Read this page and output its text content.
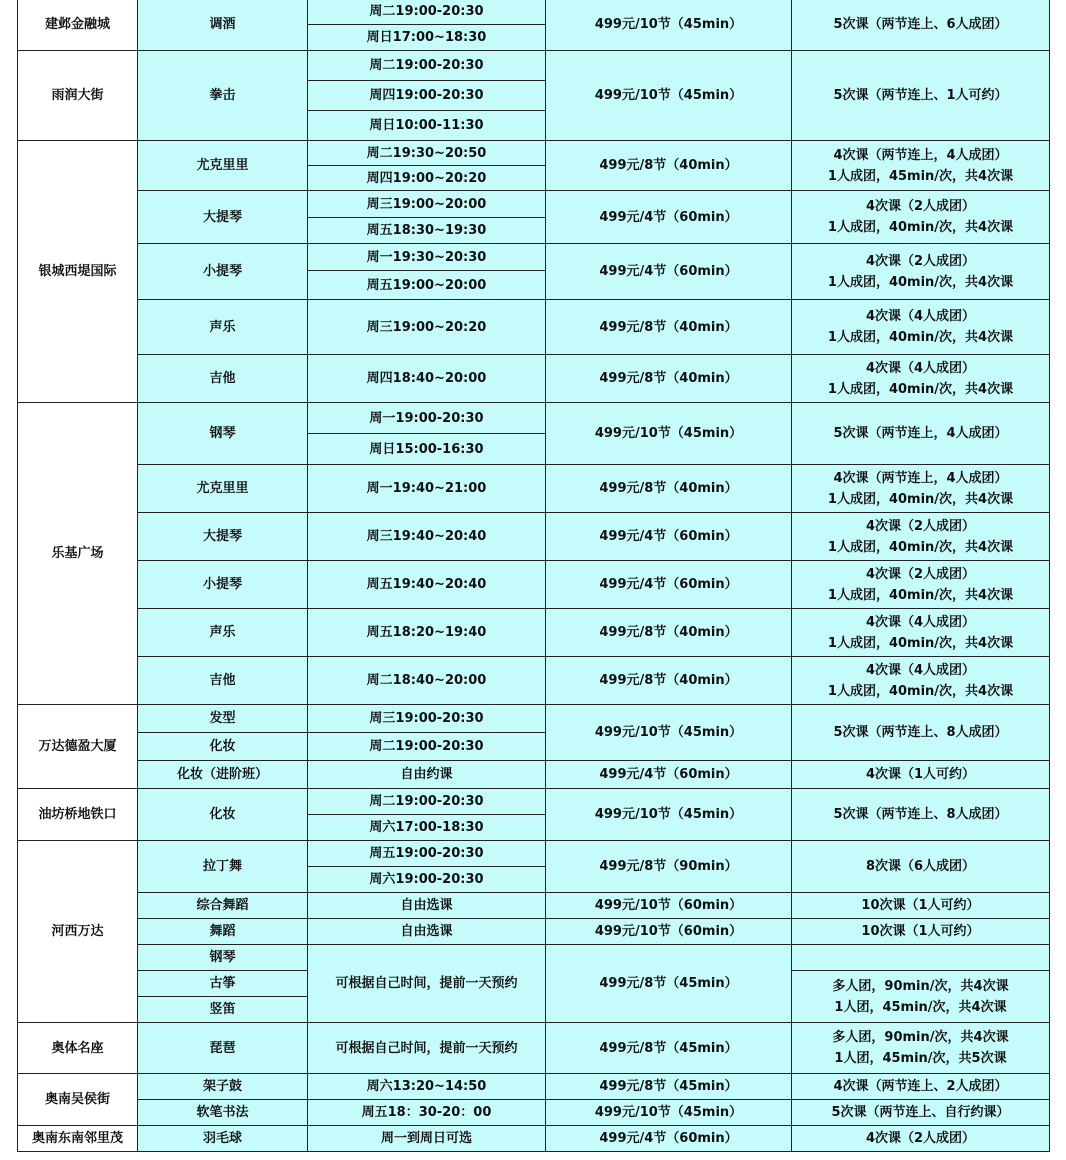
建邺金融城	调酒	周二19:00-20:30	499元/10节（45min）	5次课（两节连上、6人成团）
		周日17:00~18:30		
雨润大街	拳击	周二19:00-20:30	499元/10节（45min）	5次课（两节连上、1人可约）
		周四19:00-20:30		
		周日10:00-11:30		
银城西堤国际	尤克里里	周二19:30~20:50	499元/8节（40min）	4次课（两节连上，4人成团）
1人成团，45min/次，共4次课

		周四19:00~20:20		
	大提琴	周三19:00~20:00	499元/4节（60min）	4次课（2人成团）
1人成团，40min/次，共4次课

		周五18:30~19:30		
	小提琴	周一19:30~20:30	499元/4节（60min）	4次课（2人成团）
1人成团，40min/次，共4次课

		周五19:00~20:00		
	声乐	周三19:00~20:20	499元/8节（40min）	4次课（4人成团）
1人成团，40min/次，共4次课

	吉他	周四18:40~20:00	499元/8节（40min）	4次课（4人成团）
1人成团，40min/次，共4次课

乐基广场	钢琴	周一19:00-20:30	499元/10节（45min）	5次课（两节连上，4人成团）
		周日15:00-16:30		
	尤克里里	周一19:40~21:00	499元/8节（40min）	4次课（两节连上，4人成团）
1人成团，40min/次，共4次课

	大提琴	周三19:40~20:40	499元/4节（60min）	4次课（2人成团）
1人成团，40min/次，共4次课

	小提琴	周五19:40~20:40	499元/4节（60min）	4次课（2人成团）
1人成团，40min/次，共4次课

	声乐	周五18:20~19:40	499元/8节（40min）	4次课（4人成团）
1人成团，40min/次，共4次课

	吉他	周二18:40~20:00	499元/8节（40min）	4次课（4人成团）
1人成团，40min/次，共4次课

万达德盈大厦	发型	周三19:00-20:30	499元/10节（45min）	5次课（两节连上、8人成团）
	化妆	周二19:00-20:30		
	化妆（进阶班）	自由约课	499元/4节（60min）	4次课（1人可约）
油坊桥地铁口	化妆	周二19:00-20:30	499元/10节（45min）	5次课（两节连上、8人成团）
		周六17:00-18:30		
河西万达	拉丁舞	周五19:00-20:30	499元/8节（90min）	8次课（6人成团）
		周六19:00-20:30		
	综合舞蹈	自由选课	499元/10节（60min）	10次课（1人可约）
	舞蹈	自由选课	499元/10节（60min）	10次课（1人可约）
	钢琴	可根据自己时间，提前一天预约	499元/8节（45min）	
	古筝			多人团，90min/次，共4次课
1人团，45min/次，共4次课

	竖笛			
奥体名座	琵琶	可根据自己时间，提前一天预约	499元/8节（45min）	多人团，90min/次，共4次课
1人团，45min/次，共5次课

奥南吴侯街	架子鼓	周六13:20~14:50	499元/8节（45min）	4次课（两节连上、2人成团）
	软笔书法	周五18：30-20：00	499元/10节（45min）	5次课（两节连上、自行约课）
奥南东南邻里茂	羽毛球	周一到周日可选	499元/4节（60min）	4次课（2人成团）
